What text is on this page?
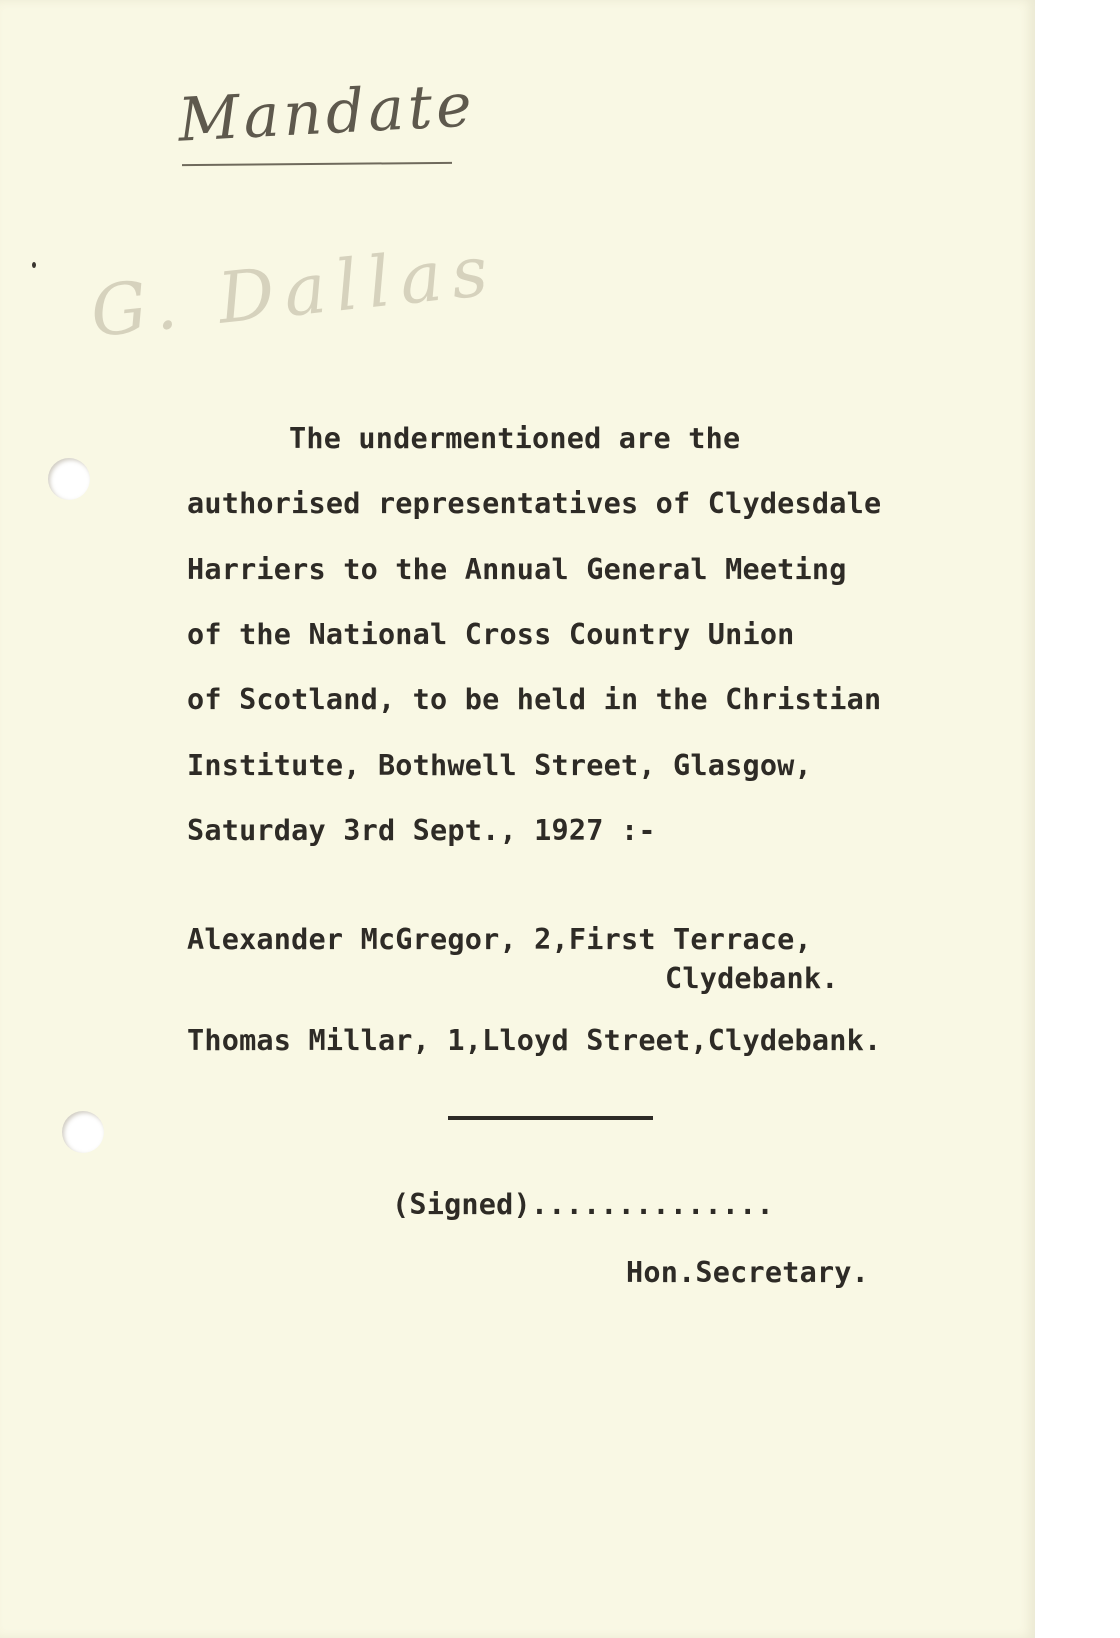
Mandate
G. Dallas
The undermentioned are the
authorised representatives of Clydesdale
Harriers to the Annual General Meeting
of the National Cross Country Union
of Scotland, to be held in the Christian
Institute, Bothwell Street, Glasgow,
Saturday 3rd Sept., 1927 :-
Alexander McGregor, 2,First Terrace,
Clydebank.
Thomas Millar, 1,Lloyd Street,Clydebank.
(Signed)..............
Hon.Secretary.
